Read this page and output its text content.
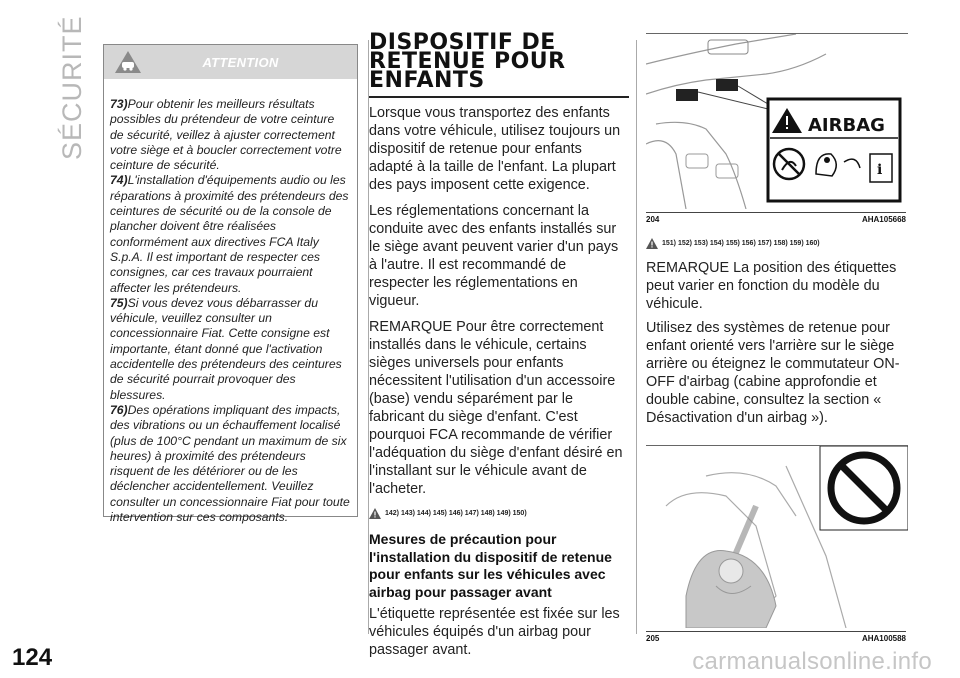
SÉCURITÉ	ATTENTION

73)Pour obtenir les meilleurs résultats possibles du prétendeur de votre ceinture de sécurité, veillez à ajuster correctement votre siège et à boucler correctement votre ceinture de sécurité.

74)L'installation d'équipements audio ou les réparations à proximité des prétendeurs des ceintures de sécurité ou de la console de plancher doivent être réalisées conformément aux directives FCA Italy S.p.A. Il est important de respecter ces consignes, car ces travaux pourraient affecter les prétendeurs.

75)Si vous devez vous débarrasser du véhicule, veuillez consulter un concessionnaire Fiat. Cette consigne est importante, étant donné que l'activation accidentelle des prétendeurs des ceintures de sécurité pourrait provoquer des blessures.

76)Des opérations impliquant des impacts, des vibrations ou un échauffement localisé (plus de 100°C pendant un maximum de six heures) à proximité des prétendeurs risquent de les détériorer ou de les déclencher accidentellement. Veuillez consulter un concessionnaire Fiat pour toute intervention sur ces composants.

DISPOSITIF DE
RETENUE POUR
ENFANTS

Lorsque vous transportez des enfants dans votre véhicule, utilisez toujours un dispositif de retenue pour enfants adapté à la taille de l'enfant. La plupart des pays imposent cette exigence.

Les réglementations concernant la conduite avec des enfants installés sur le siège avant peuvent varier d'un pays à l'autre. Il est recommandé de respecter les réglementations en vigueur.

REMARQUE Pour être correctement installés dans le véhicule, certains sièges universels pour enfants nécessitent l'utilisation d'un accessoire (base) vendu séparément par le fabricant du siège d'enfant. C'est pourquoi FCA recommande de vérifier l'adéquation du siège d'enfant désiré en l'installant sur le véhicule avant de l'acheter.

142) 143) 144) 145) 146) 147) 148) 149) 150)
Mesures de précaution pour l'installation du dispositif de retenue pour enfants sur les véhicules avec airbag pour passager avant

L'étiquette représentée est fixée sur les véhicules équipés d'un airbag pour passager avant.

AIRBAG
i
204	AHA105668
151) 152) 153) 154) 155) 156) 157) 158) 159) 160)

REMARQUE La position des étiquettes peut varier en fonction du modèle du véhicule.

Utilisez des systèmes de retenue pour enfant orienté vers l'arrière sur le siège arrière ou éteignez le commutateur ON-OFF d'airbag (cabine approfondie et double cabine, consultez la section « Désactivation d'un airbag »).

205	AHA100588
124	carmanualsonline.info
